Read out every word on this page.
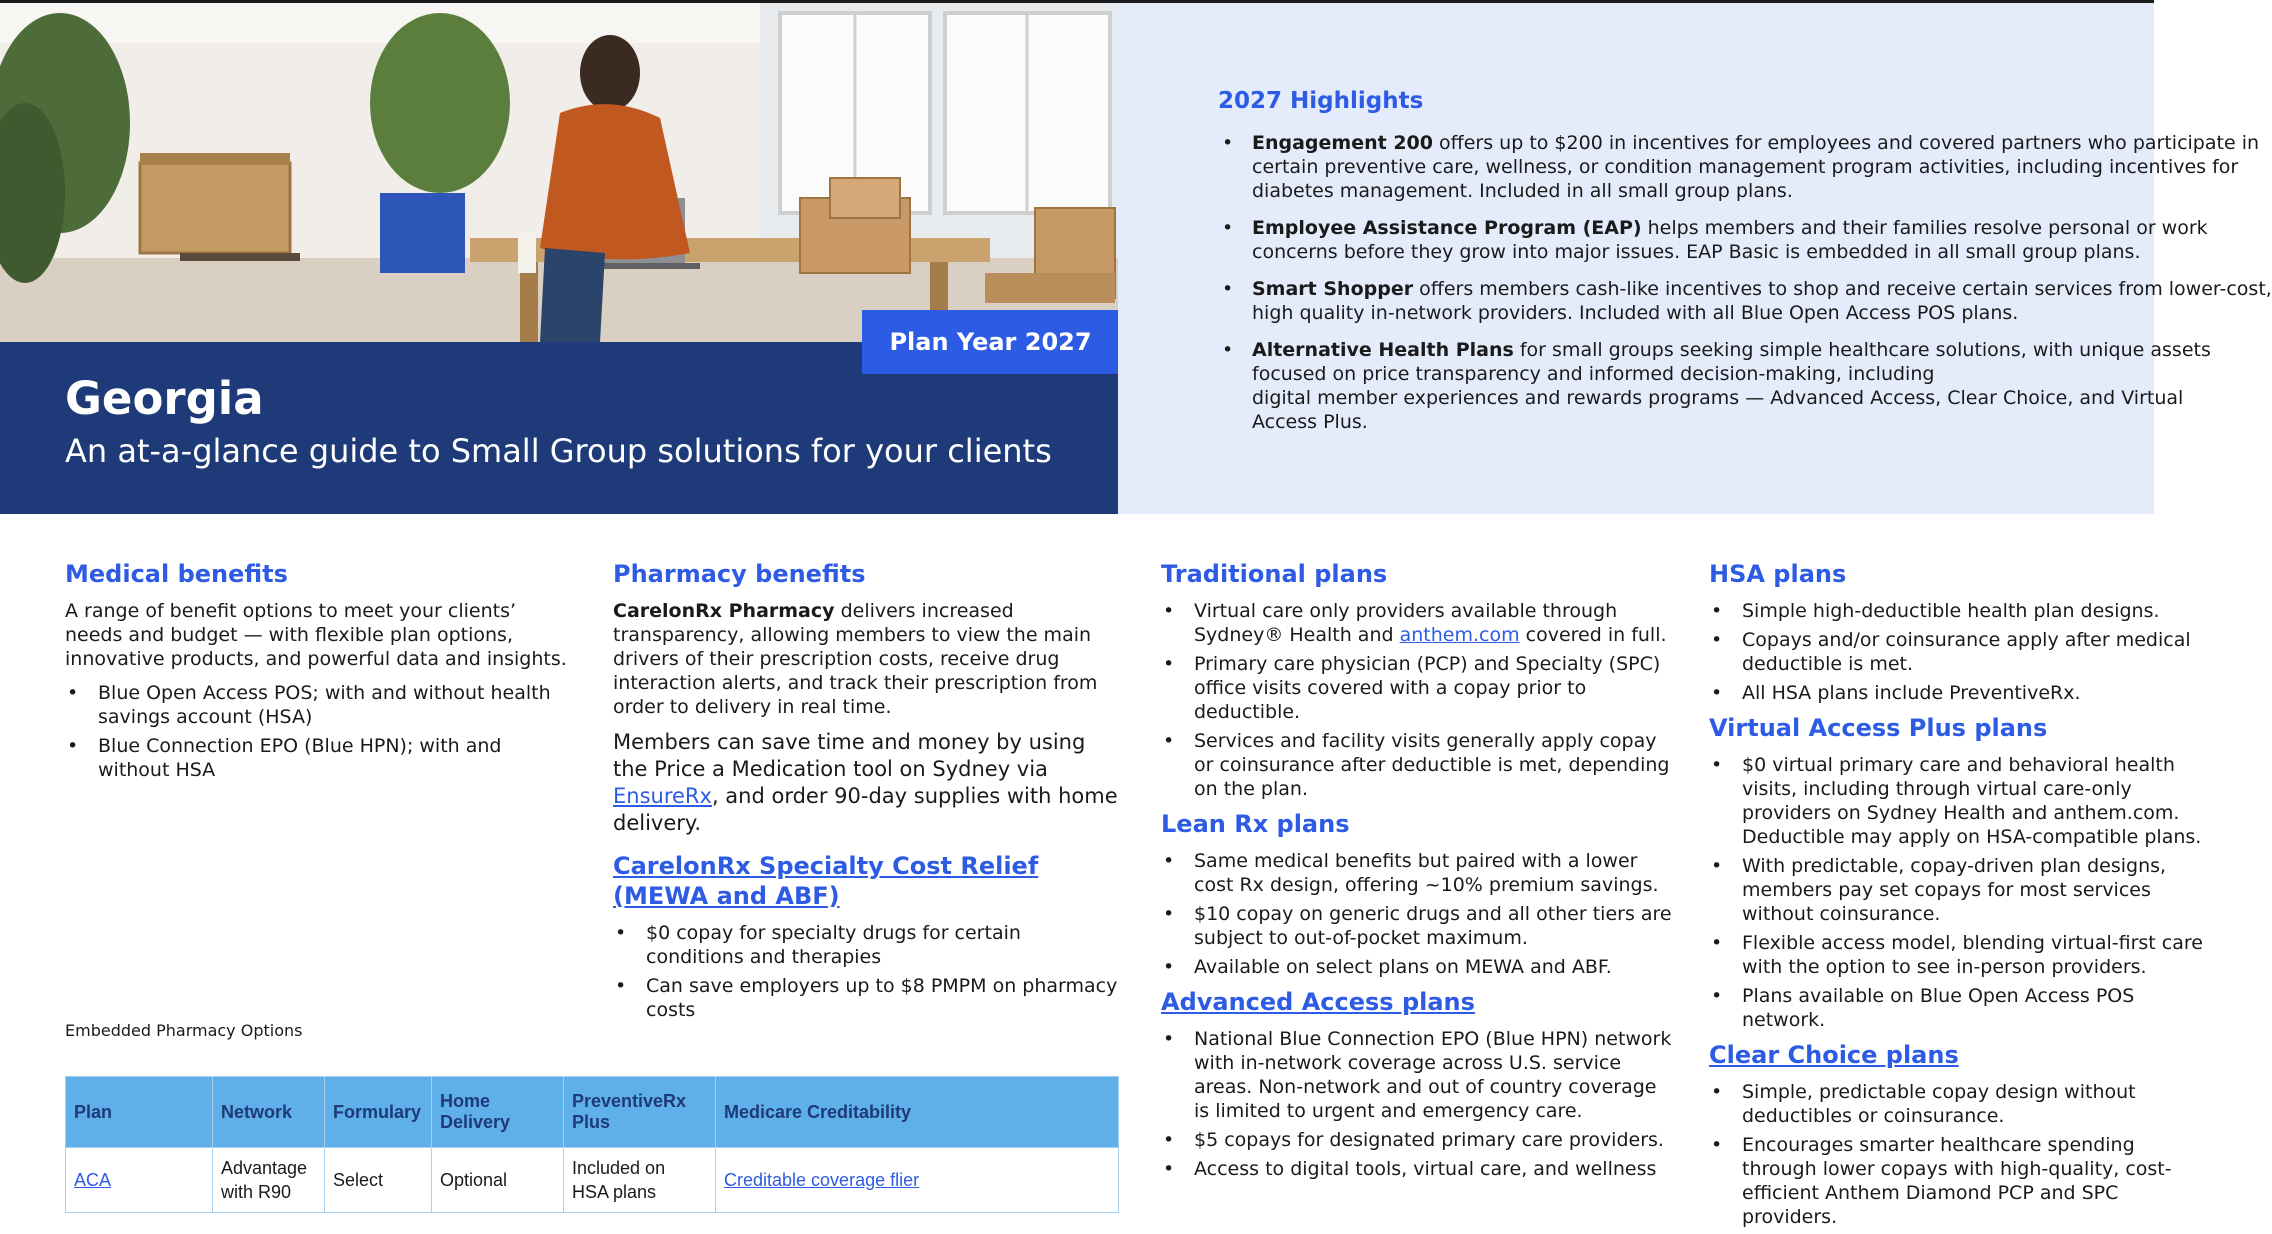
Plan Year 2027
Georgia
An at-a-glance guide to Small Group solutions for your clients
2027 Highlights
• Engagement 200 offers up to $200 in incentives for employees and covered partners who participate in
certain preventive care, wellness, or condition management program activities, including incentives for
diabetes management. Included in all small group plans.
• Employee Assistance Program (EAP) helps members and their families resolve personal or work
concerns before they grow into major issues. EAP Basic is embedded in all small group plans.
• Smart Shopper offers members cash-like incentives to shop and receive certain services from lower-cost,
high quality in-network providers. Included with all Blue Open Access POS plans.
• Alternative Health Plans for small groups seeking simple healthcare solutions, with unique assets
focused on price transparency and informed decision-making, including
digital member experiences and rewards programs — Advanced Access, Clear Choice, and Virtual
Access Plus.
Medical benefits

A range of benefit options to meet your clients’ needs and budget — with flexible plan options, innovative products, and powerful data and insights.

• Blue Open Access POS; with and without health savings account (HSA)
• Blue Connection EPO (Blue HPN); with and without HSA
Pharmacy benefits

CarelonRx Pharmacy delivers increased transparency, allowing members to view the main drivers of their prescription costs, receive drug interaction alerts, and track their prescription from order to delivery in real time.

Members can save time and money by using the Price a Medication tool on Sydney via EnsureRx, and order 90-day supplies with home delivery.

CarelonRx Specialty Cost Relief (MEWA and ABF)
• $0 copay for specialty drugs for certain conditions and therapies
• Can save employers up to $8 PMPM on pharmacy costs
Embedded Pharmacy Options
Plan	Network	Formulary	Home Delivery	PreventiveRx Plus	Medicare Creditability
ACA	Advantage with R90	Select	Optional	Included on HSA plans	Creditable coverage flier
Traditional plans
• Virtual care only providers available through Sydney® Health and anthem.com covered in full.
• Primary care physician (PCP) and Specialty (SPC) office visits covered with a copay prior to deductible.
• Services and facility visits generally apply copay or coinsurance after deductible is met, depending on the plan.
Lean Rx plans
• Same medical benefits but paired with a lower cost Rx design, offering ~10% premium savings.
• $10 copay on generic drugs and all other tiers are subject to out-of-pocket maximum.
• Available on select plans on MEWA and ABF.
Advanced Access plans
• National Blue Connection EPO (Blue HPN) network with in-network coverage across U.S. service areas. Non-network and out of country coverage is limited to urgent and emergency care.
• $5 copays for designated primary care providers.
• Access to digital tools, virtual care, and wellness
HSA plans
• Simple high-deductible health plan designs.
• Copays and/or coinsurance apply after medical deductible is met.
• All HSA plans include PreventiveRx.
Virtual Access Plus plans
• $0 virtual primary care and behavioral health visits, including through virtual care-only providers on Sydney Health and anthem.com. Deductible may apply on HSA-compatible plans.
• With predictable, copay-driven plan designs, members pay set copays for most services without coinsurance.
• Flexible access model, blending virtual-first care with the option to see in-person providers.
• Plans available on Blue Open Access POS network.
Clear Choice plans
• Simple, predictable copay design without deductibles or coinsurance.
• Encourages smarter healthcare spending through lower copays with high-quality, cost-efficient Anthem Diamond PCP and SPC providers.
